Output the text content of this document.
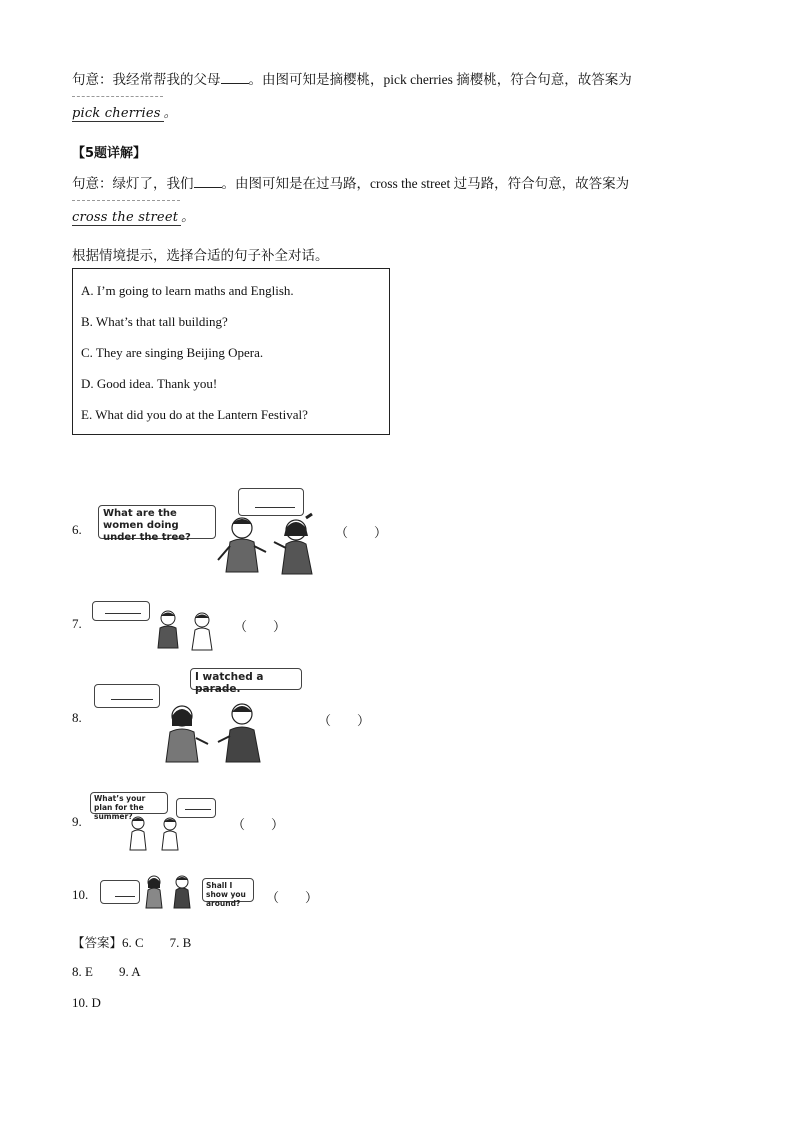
句意：我经常帮我的父母 。由图可知是摘樱桃，pick cherries 摘樱桃，符合句意，故答案为
pick cherries 。
【5题详解】
句意：绿灯了，我们 。由图可知是在过马路，cross the street 过马路，符合句意，故答案为
cross the street 。
根据情境提示，选择合适的句子补全对话。
A. I’m going to learn maths and English.
B. What’s that tall building?
C. They are singing Beijing Opera.
D. Good idea. Thank you!
E. What did you do at the Lantern Festival?
6.
What are the women doing under the tree?	（        ）
7.	（        ）
8.
I watched a parade.
（        ）
9.
What’s your plan for the summer?
（        ）
10.
Shall I show you around?	（        ）
【答案】6. C        7. B
8. E        9. A
10. D
